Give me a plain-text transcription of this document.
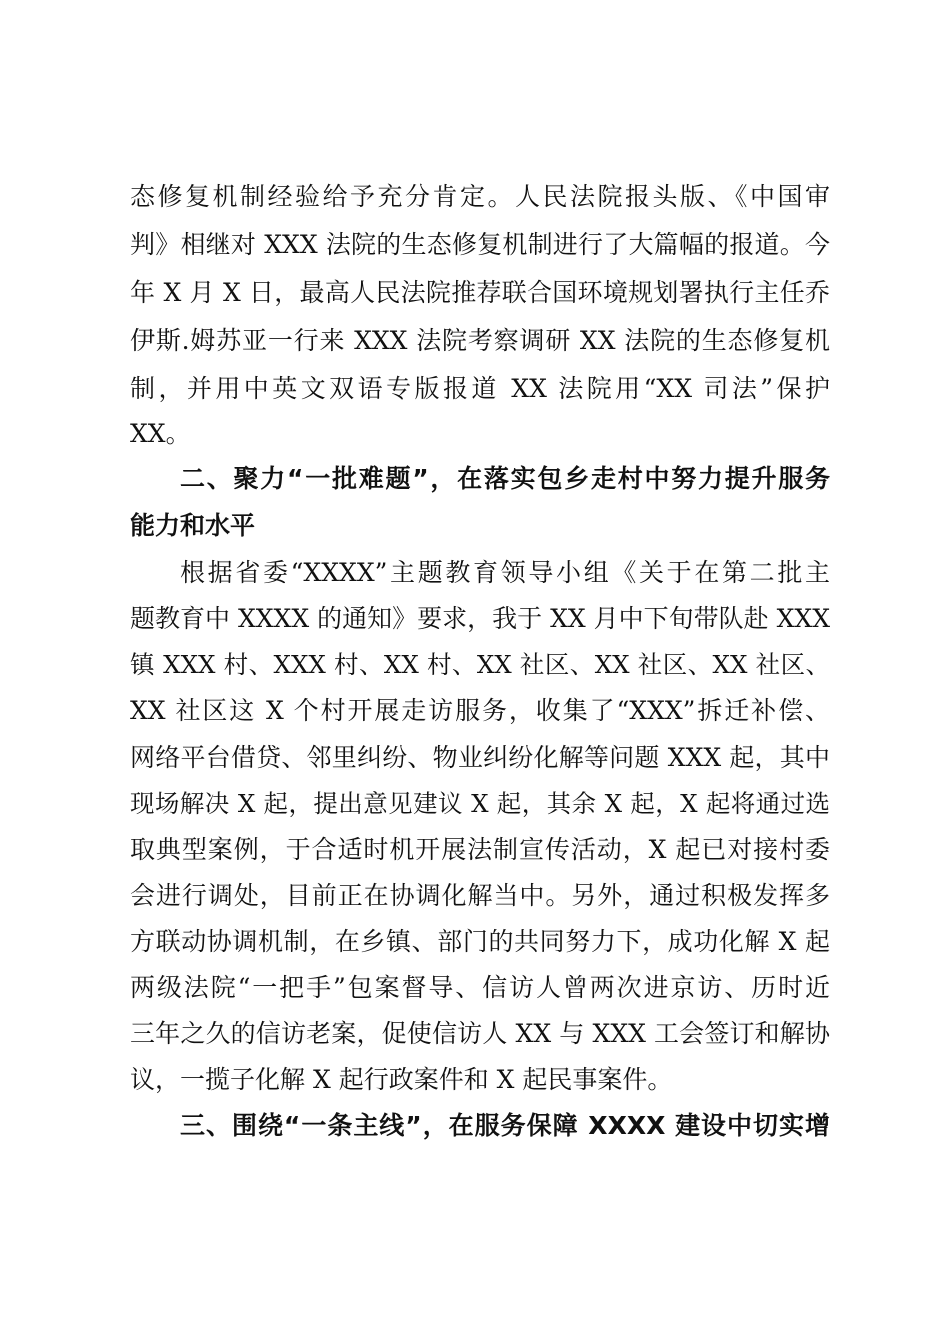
态修复机制经验给予充分肯定。人民法院报头版、《中国审
判》相继对 XXX 法院的生态修复机制进行了大篇幅的报道。今
年 X 月 X 日，最高人民法院推荐联合国环境规划署执行主任乔
伊斯.姆苏亚一行来 XXX 法院考察调研 XX 法院的生态修复机
制，并用中英文双语专版报道 XX 法院用“XX 司法”保护
XX。
二、聚力“一批难题”，在落实包乡走村中努力提升服务
能力和水平
根据省委“XXXX”主题教育领导小组《关于在第二批主
题教育中 XXXX 的通知》要求，我于 XX 月中下旬带队赴 XXX
镇 XXX 村、XXX 村、XX 村、XX 社区、XX 社区、XX 社区、
XX 社区这 X 个村开展走访服务，收集了“XXX”拆迁补偿、
网络平台借贷、邻里纠纷、物业纠纷化解等问题 XXX 起，其中
现场解决 X 起，提出意见建议 X 起，其余 X 起，X 起将通过选
取典型案例，于合适时机开展法制宣传活动，X 起已对接村委
会进行调处，目前正在协调化解当中。另外，通过积极发挥多
方联动协调机制，在乡镇、部门的共同努力下，成功化解 X 起
两级法院“一把手”包案督导、信访人曾两次进京访、历时近
三年之久的信访老案，促使信访人 XX 与 XXX 工会签订和解协
议，一揽子化解 X 起行政案件和 X 起民事案件。
三、围绕“一条主线”，在服务保障 XXXX 建设中切实增
